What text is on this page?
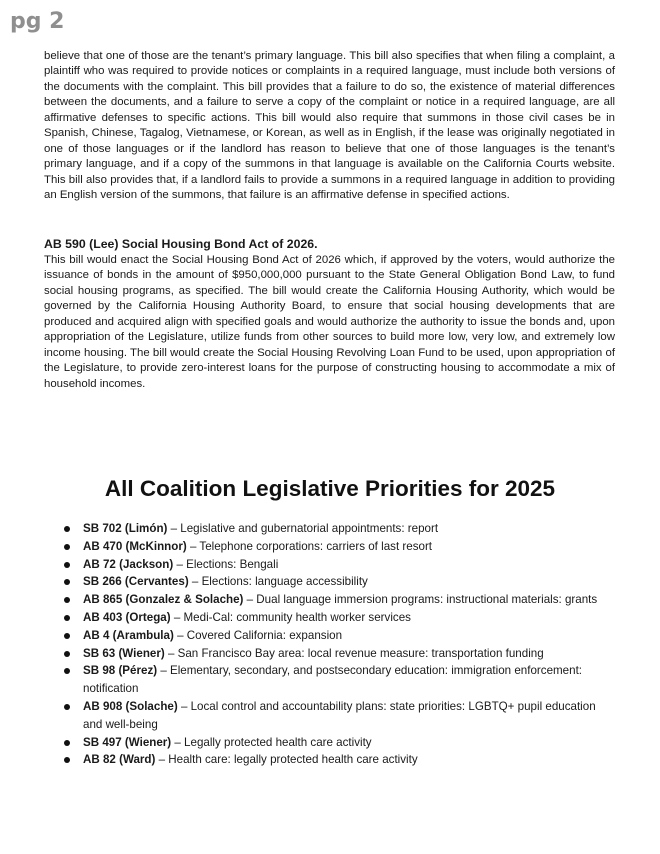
pg 2

believe that one of those are the tenant’s primary language. This bill also specifies that when filing a complaint, a plaintiff who was required to provide notices or complaints in a required language, must include both versions of the documents with the complaint. This bill provides that a failure to do so, the existence of material differences between the documents, and a failure to serve a copy of the complaint or notice in a required language, are all affirmative defenses to specific actions. This bill would also require that summons in those civil cases be in Spanish, Chinese, Tagalog, Vietnamese, or Korean, as well as in English, if the lease was originally negotiated in one of those languages or if the landlord has reason to believe that one of those languages is the tenant’s primary language, and if a copy of the summons in that language is available on the California Courts website. This bill also provides that, if a landlord fails to provide a summons in a required language in addition to providing an English version of the summons, that failure is an affirmative defense in specified actions.

AB 590 (Lee) Social Housing Bond Act of 2026.

This bill would enact the Social Housing Bond Act of 2026 which, if approved by the voters, would authorize the issuance of bonds in the amount of $950,000,000 pursuant to the State General Obligation Bond Law, to fund social housing programs, as specified. The bill would create the California Housing Authority, which would be governed by the California Housing Authority Board, to ensure that social housing developments that are produced and acquired align with specified goals and would authorize the authority to issue the bonds and, upon appropriation of the Legislature, utilize funds from other sources to build more low, very low, and extremely low income housing. The bill would create the Social Housing Revolving Loan Fund to be used, upon appropriation of the Legislature, to provide zero-interest loans for the purpose of constructing housing to accommodate a mix of household incomes.

All Coalition Legislative Priorities for 2025
SB 702 (Limón) – Legislative and gubernatorial appointments: report
AB 470 (McKinnor) – Telephone corporations: carriers of last resort
AB 72 (Jackson) – Elections: Bengali
SB 266 (Cervantes) – Elections: language accessibility
AB 865 (Gonzalez & Solache) – Dual language immersion programs: instructional materials: grants
AB 403 (Ortega) – Medi-Cal: community health worker services
AB 4 (Arambula) – Covered California: expansion
SB 63 (Wiener) – San Francisco Bay area: local revenue measure: transportation funding
SB 98 (Pérez) – Elementary, secondary, and postsecondary education: immigration enforcement: notification
AB 908 (Solache) – Local control and accountability plans: state priorities: LGBTQ+ pupil education and well-being
SB 497 (Wiener) – Legally protected health care activity
AB 82 (Ward) – Health care: legally protected health care activity
